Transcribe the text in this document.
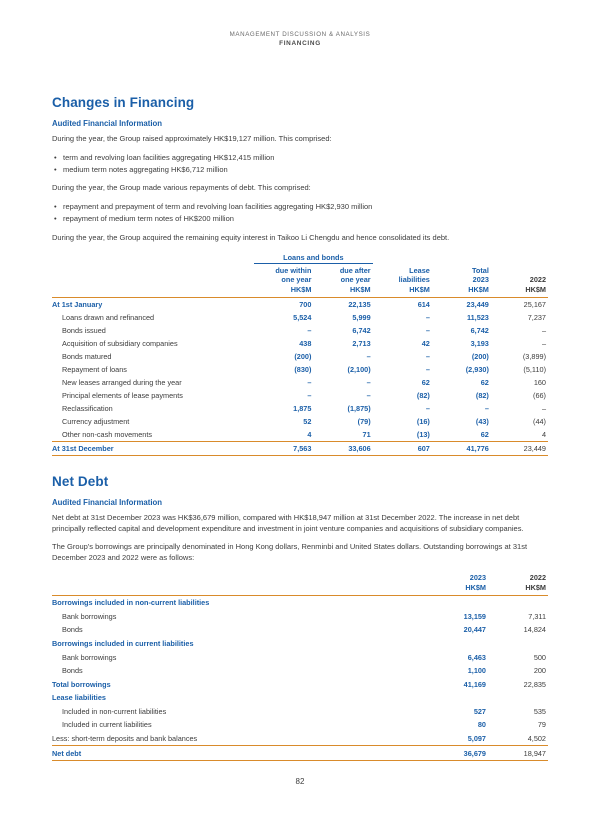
MANAGEMENT DISCUSSION & ANALYSIS
FINANCING
Changes in Financing
Audited Financial Information

During the year, the Group raised approximately HK$19,127 million. This comprised:

• term and revolving loan facilities aggregating HK$12,415 million
• medium term notes aggregating HK$6,712 million

During the year, the Group made various repayments of debt. This comprised:

• repayment and prepayment of term and revolving loan facilities aggregating HK$2,930 million
• repayment of medium term notes of HK$200 million

During the year, the Group acquired the remaining equity interest in Taikoo Li Chengdu and hence consolidated its debt.

	Loans and bonds				
	due within
one year
HK$M	due after
one year
HK$M	Lease
liabilities
HK$M	Total
2023
HK$M	2022
HK$M
At 1st January	700	22,135	614	23,449	25,167
Loans drawn and refinanced	5,524	5,999	–	11,523	7,237
Bonds issued	–	6,742	–	6,742	–
Acquisition of subsidiary companies	438	2,713	42	3,193	–
Bonds matured	(200)	–	–	(200)	(3,899)
Repayment of loans	(830)	(2,100)	–	(2,930)	(5,110)
New leases arranged during the year	–	–	62	62	160
Principal elements of lease payments	–	–	(82)	(82)	(66)
Reclassification	1,875	(1,875)	–	–	–
Currency adjustment	52	(79)	(16)	(43)	(44)
Other non-cash movements	4	71	(13)	62	4
At 31st December	7,563	33,606	607	41,776	23,449
Net Debt
Audited Financial Information

Net debt at 31st December 2023 was HK$36,679 million, compared with HK$18,947 million at 31st December 2022. The increase in net debt principally reflected capital and development expenditure and investment in joint venture companies and acquisitions of subsidiary companies.

The Group's borrowings are principally denominated in Hong Kong dollars, Renminbi and United States dollars. Outstanding borrowings at 31st December 2023 and 2022 were as follows:

	2023
HK$M	2022
HK$M
Borrowings included in non-current liabilities		
Bank borrowings	13,159	7,311
Bonds	20,447	14,824
Borrowings included in current liabilities		
Bank borrowings	6,463	500
Bonds	1,100	200
Total borrowings	41,169	22,835
Lease liabilities		
Included in non-current liabilities	527	535
Included in current liabilities	80	79
Less: short-term deposits and bank balances	5,097	4,502
Net debt	36,679	18,947
82
